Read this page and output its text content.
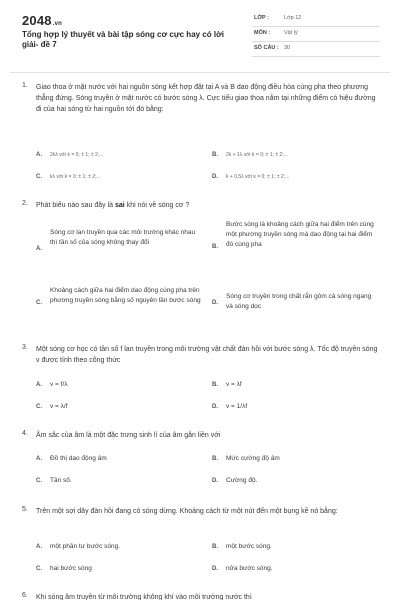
2048.vn
Tổng hợp lý thuyết và bài tập sóng cơ cực hay có lời giải- đề 7
LỚP :	Lớp 12
MÔN :	Vật lý
SỐ CÂU : 30
1. Giao thoa ở mặt nước với hai nguồn sóng kết hợp đặt tại A và B dao động điều hòa cùng pha theo phương thẳng đứng. Sóng truyền ở mặt nước có bước sóng λ. Cực tiểu giao thoa nằm tại những điểm có hiệu đường đi của hai sóng từ hai nguồn tới đó bằng:
A. 2kλ với k = 0; ± 1; ± 2;...	B. 2k + 1λ với k = 0; ± 1; ± 2;...
C. kλ với k = 0; ± 1; ± 2;...	D. k + 0,5λ với k = 0; ± 1; ± 2;...
2. Phát biểu nào sau đây là sai khi nói về sóng cơ ?
A.
Sóng cơ lan truyền qua các môi trường khác nhau thì tần số của sóng không thay đổi
B.
Bước sóng là khoảng cách giữa hai điểm trên cùng một phương truyền sóng mà dao động tại hai điểm đó cùng pha
C.
Khoảng cách giữa hai điểm dao động cùng pha trên phương truyền sóng bằng số nguyên lần bước sóng	D.
Sóng cơ truyền trong chất rắn gồm cả sóng ngang và sóng dọc
3. Một sóng cơ học có tần số f lan truyền trong môi trường vật chất đàn hồi với bước sóng λ. Tốc độ truyền sóng v được tính theo công thức
A. v = f/λ	B. v = λf
C. v = λ/f	D. v = 1/λf
4. Âm sắc của âm là một đặc trưng sinh lí của âm gắn liền với
A. Đồ thị dao động âm	B. Mức cường độ âm
C. Tần số.	D. Cường độ.
5. Trên một sợi dây đàn hồi đang có sóng dừng. Khoảng cách từ một nút đến một bụng kề nó bằng:
A. một phần tư bước sóng.	B. một bước sóng.
C. hai bước sóng	D. nửa bước sóng.
6. Khi sóng âm truyền từ môi trường không khí vào môi trường nước thì
